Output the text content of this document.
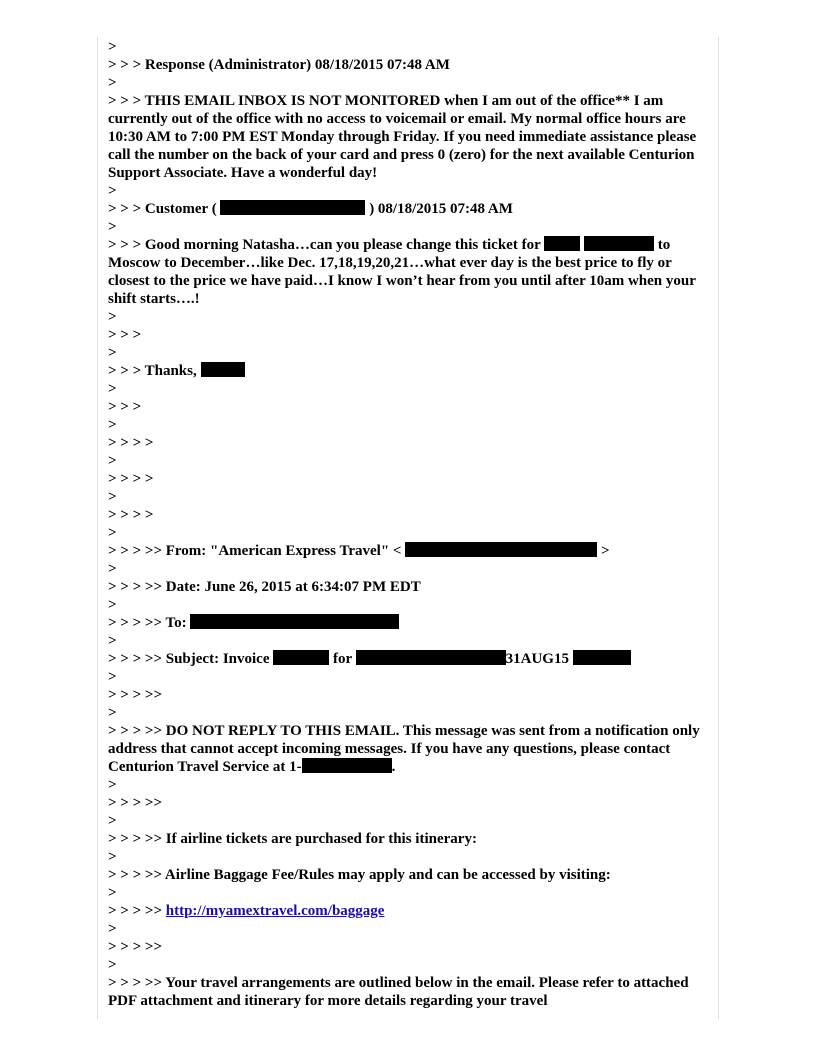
>

> > > Response (Administrator) 08/18/2015 07:48 AM

>

> > > THIS EMAIL INBOX IS NOT MONITORED when I am out of the office** I am currently out of the office with no access to voicemail or email. My normal office hours are 10:30 AM to 7:00 PM EST Monday through Friday. If you need immediate assistance please call the number on the back of your card and press 0 (zero) for the next available Centurion Support Associate. Have a wonderful day!

>

> > > Customer (	) 08/18/2015 07:48 AM

>

> > > Good morning Natasha…can you please change this ticket for	to Moscow to December…like Dec. 17,18,19,20,21…what ever day is the best price to fly or closest to the price we have paid…I know I won’t hear from you until after 10am when your shift starts….!

>

> > >

>

> > > Thanks,

>

> > >

>

> > > >

>

> > > >

>

> > > >

>

> > > >> From: "American Express Travel" <	>

>

> > > >> Date: June 26, 2015 at 6:34:07 PM EDT

>

> > > >> To:

>

> > > >> Subject: Invoice	for	31AUG15

>

> > > >>

>

> > > >> DO NOT REPLY TO THIS EMAIL. This message was sent from a notification only address that cannot accept incoming messages. If you have any questions, please contact Centurion Travel Service at 1-	.

>

> > > >>

>

> > > >> If airline tickets are purchased for this itinerary:

>

> > > >> Airline Baggage Fee/Rules may apply and can be accessed by visiting:

>

> > > >> http://myamextravel.com/baggage

>

> > > >>

>

> > > >> Your travel arrangements are outlined below in the email. Please refer to attached PDF attachment and itinerary for more details regarding your travel
